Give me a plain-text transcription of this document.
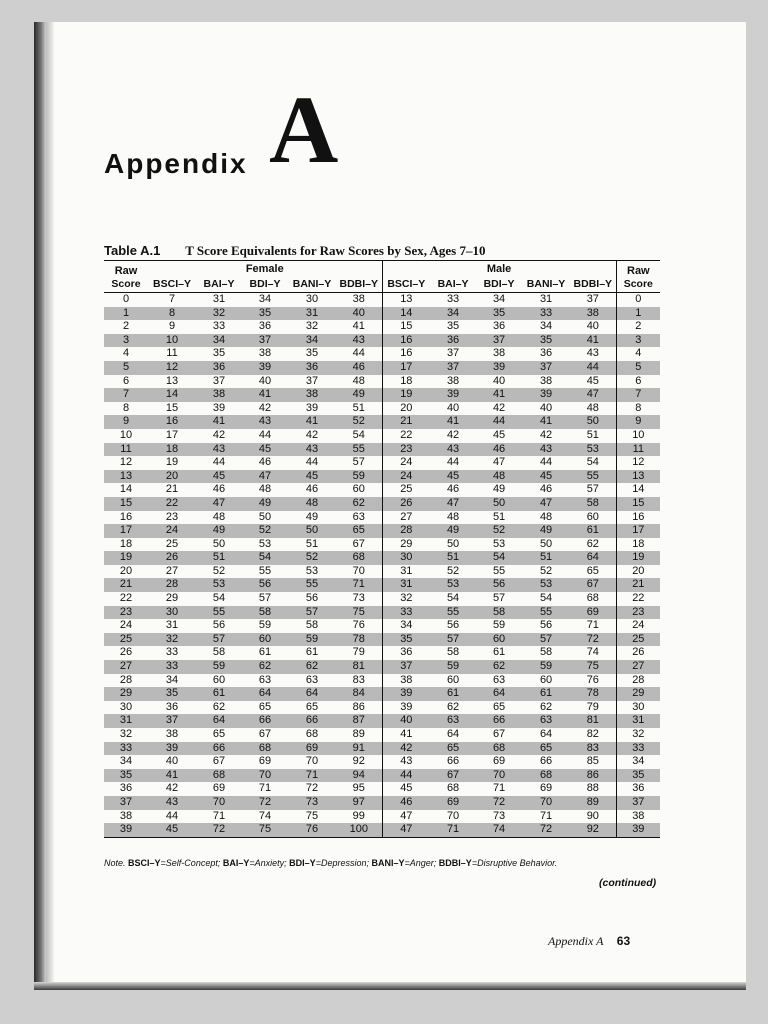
Appendix A
Table A.1 T Score Equivalents for Raw Scores by Sex, Ages 7–10
Raw	Female					Male					Raw
Score	BSCI–Y	BAI–Y	BDI–Y	BANI–Y	BDBI–Y	BSCI–Y	BAI–Y	BDI–Y	BANI–Y	BDBI–Y	Score
0	7	31	34	30	38	13	33	34	31	37	0
1	8	32	35	31	40	14	34	35	33	38	1
2	9	33	36	32	41	15	35	36	34	40	2
3	10	34	37	34	43	16	36	37	35	41	3
4	11	35	38	35	44	16	37	38	36	43	4
5	12	36	39	36	46	17	37	39	37	44	5
6	13	37	40	37	48	18	38	40	38	45	6
7	14	38	41	38	49	19	39	41	39	47	7
8	15	39	42	39	51	20	40	42	40	48	8
9	16	41	43	41	52	21	41	44	41	50	9
10	17	42	44	42	54	22	42	45	42	51	10
11	18	43	45	43	55	23	43	46	43	53	11
12	19	44	46	44	57	24	44	47	44	54	12
13	20	45	47	45	59	24	45	48	45	55	13
14	21	46	48	46	60	25	46	49	46	57	14
15	22	47	49	48	62	26	47	50	47	58	15
16	23	48	50	49	63	27	48	51	48	60	16
17	24	49	52	50	65	28	49	52	49	61	17
18	25	50	53	51	67	29	50	53	50	62	18
19	26	51	54	52	68	30	51	54	51	64	19
20	27	52	55	53	70	31	52	55	52	65	20
21	28	53	56	55	71	31	53	56	53	67	21
22	29	54	57	56	73	32	54	57	54	68	22
23	30	55	58	57	75	33	55	58	55	69	23
24	31	56	59	58	76	34	56	59	56	71	24
25	32	57	60	59	78	35	57	60	57	72	25
26	33	58	61	61	79	36	58	61	58	74	26
27	33	59	62	62	81	37	59	62	59	75	27
28	34	60	63	63	83	38	60	63	60	76	28
29	35	61	64	64	84	39	61	64	61	78	29
30	36	62	65	65	86	39	62	65	62	79	30
31	37	64	66	66	87	40	63	66	63	81	31
32	38	65	67	68	89	41	64	67	64	82	32
33	39	66	68	69	91	42	65	68	65	83	33
34	40	67	69	70	92	43	66	69	66	85	34
35	41	68	70	71	94	44	67	70	68	86	35
36	42	69	71	72	95	45	68	71	69	88	36
37	43	70	72	73	97	46	69	72	70	89	37
38	44	71	74	75	99	47	70	73	71	90	38
39	45	72	75	76	100	47	71	74	72	92	39
Note. BSCI–Y=Self-Concept; BAI–Y=Anxiety; BDI–Y=Depression; BANI–Y=Anger; BDBI–Y=Disruptive Behavior.
(continued)
Appendix A 63
